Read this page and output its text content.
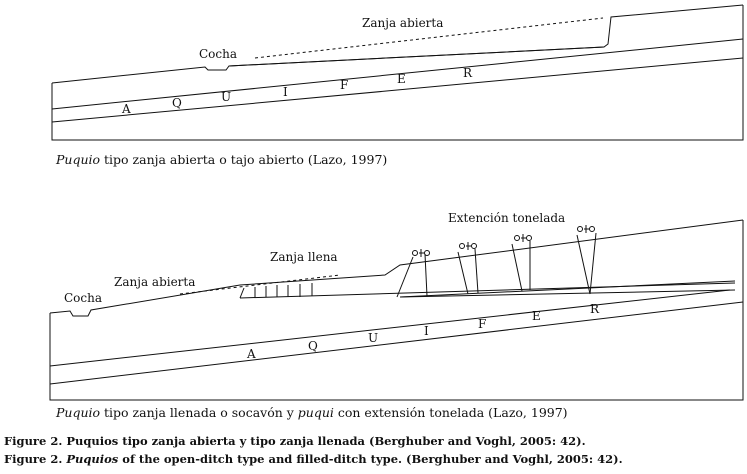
Zanja abierta
Cocha
A	Q	U	I	F	E	R
Extención tonelada
Zanja llena
Zanja abierta
Cocha
A
Q
U	I	F
E	R
Puquio tipo zanja abierta o tajo abierto (Lazo, 1997)
Puquio tipo zanja llenada o socavón y puqui con extensión tonelada (Lazo, 1997)
Figure 2. Puquios tipo zanja abierta y tipo zanja llenada (Berghuber and Voghl, 2005: 42).
Figure 2. Puquios of the open-ditch type and filled-ditch type. (Berghuber and Voghl, 2005: 42).
